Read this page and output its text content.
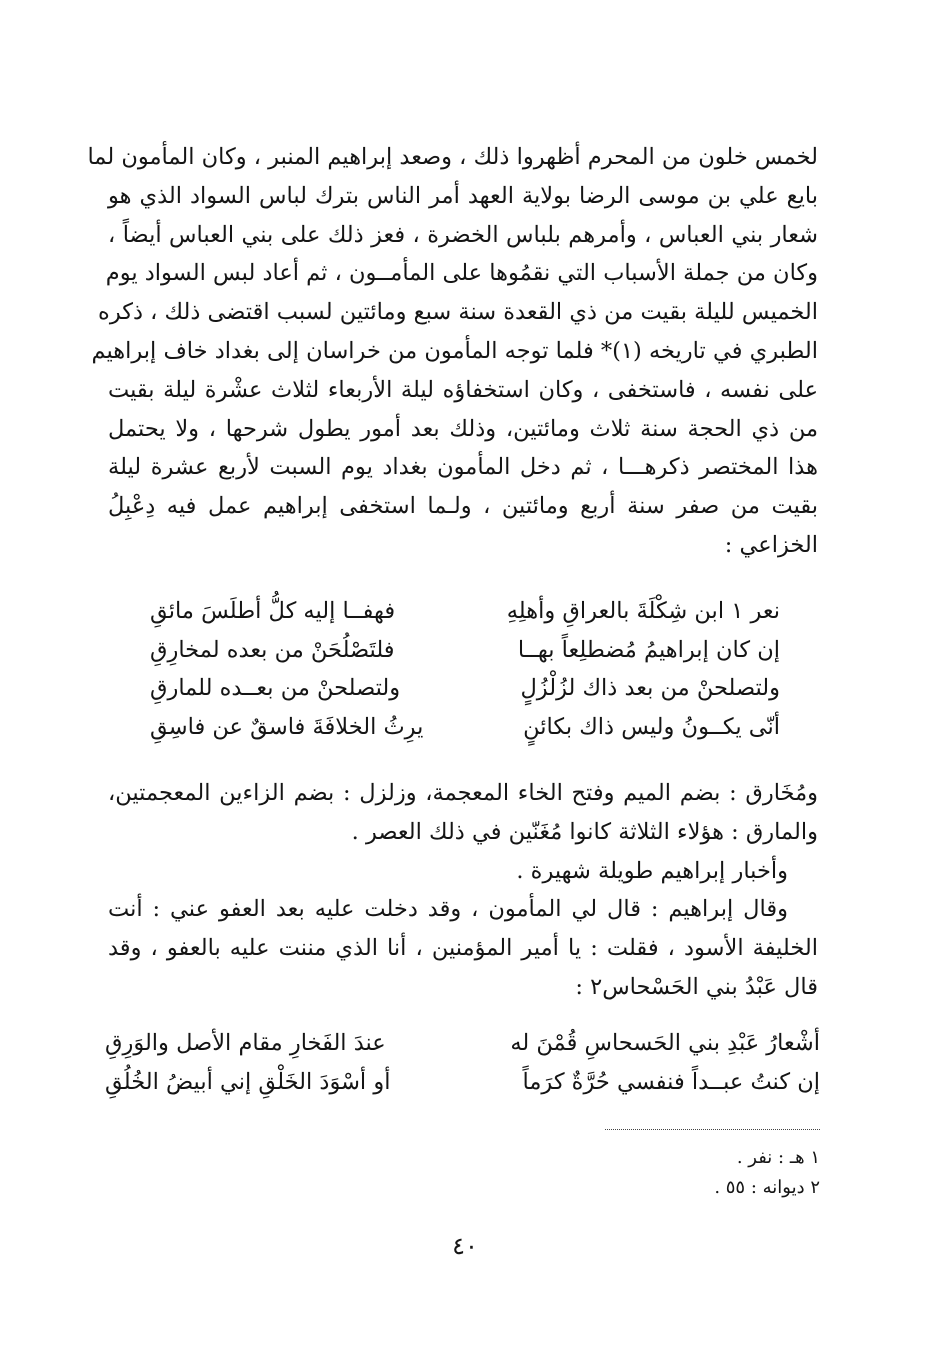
لخمس خلون من المحرم أظهروا ذلك ، وصعد إبراهيم المنبر ، وكان المأمون لما
بايع علي بن موسى الرضا بولاية العهد أمر الناس بترك لباس السواد الذي هو
شعار بني العباس ، وأمرهم بلباس الخضرة ، فعز ذلك على بني العباس أيضاً ،
وكان من جملة الأسباب التي نقمُوها على المأمــون ، ثم أعاد لبس السواد يوم
الخميس لليلة بقيت من ذي القعدة سنة سبع ومائتين لسبب اقتضى ذلك ، ذكره
الطبري في تاريخه (١)* فلما توجه المأمون من خراسان إلى بغداد خاف إبراهيم
على نفسه ، فاستخفى ، وكان استخفاؤه ليلة الأربعاء لثلاث عشْرة ليلة بقيت
من ذي الحجة سنة ثلاث ومائتين، وذلك بعد أمور يطول شرحها ، ولا يحتمل
هذا المختصر ذكرهـــا ، ثم دخل المأمون بغداد يوم السبت لأربع عشرة ليلة
بقيت من صفر سنة أربع ومائتين ، ولـما استخفى إبراهيم عمل فيه دِعْبِلُ
الخزاعي :
نعر ١ ابن شِكْلَةَ بالعراقِ وأهلِهِ
فهفــا إليه كلُّ أطلَسَ مائقِ
إن كان إبراهيمُ مُضطلِعاً بهــا
فلتَصْلُحَنْ من بعده لمخارِقِ
ولتصلحنْ من بعد ذاك لزُلْزُلٍ
ولتصلحنْ من بعــده للمارقِ
أنّى يكــونُ وليس ذاك بكائنٍ
يرِثُ الخلافَةَ فاسقٌ عن فاسِقِ
ومُخَارق : بضم الميم وفتح الخاء المعجمة، وزلزل : بضم الزاءين المعجمتين،
والمارق : هؤلاء الثلاثة كانوا مُغَنّين في ذلك العصر .
وأخبار إبراهيم طويلة شهيرة .
وقال إبراهيم : قال لي المأمون ، وقد دخلت عليه بعد العفو عني : أنت
الخليفة الأسود ، فقلت : يا أمير المؤمنين ، أنا الذي مننت عليه بالعفو ، وقد
قال عَبْدُ بني الحَسْحاس٢ :
أشْعارُ عَبْدِ بني الحَسحاسِ قُمْنَ له
عندَ الفَخارِ مقام الأصل والوَرِقِ
إن كنتُ عبــداً فنفسي حُرَّةٌ كرَماً
أو أسْوَدَ الخَلْقِ إني أبيضُ الخُلُقِ
١ هـ : نفر .
٢ ديوانه : ٥٥ .
٤٠
